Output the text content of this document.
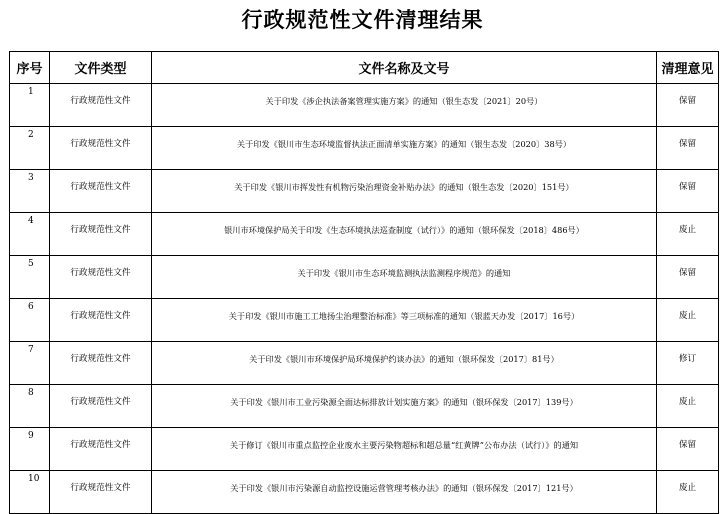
行政规范性文件清理结果
序号	文件类型	文件名称及文号	清理意见
1	行政规范性文件	关于印发《涉企执法备案管理实施方案》的通知（银生态发〔2021〕20号）	保留
2	行政规范性文件	关于印发《银川市生态环境监督执法正面清单实施方案》的通知（银生态发〔2020〕38号）	保留
3	行政规范性文件	关于印发《银川市挥发性有机物污染治理资金补贴办法》的通知（银生态发〔2020〕151号）	保留
4	行政规范性文件	银川市环境保护局关于印发《生态环境执法巡查制度（试行）》的通知（银环保发〔2018〕486号）	废止
5	行政规范性文件	关于印发《银川市生态环境监测执法监测程序规范》的通知	保留
6	行政规范性文件	关于印发《银川市施工工地扬尘治理整治标准》等三项标准的通知（银蓝天办发〔2017〕16号）	废止
7	行政规范性文件	关于印发《银川市环境保护局环境保护约谈办法》的通知（银环保发〔2017〕81号）	修订
8	行政规范性文件	关于印发《银川市工业污染源全面达标排放计划实施方案》的通知（银环保发〔2017〕139号）	废止
9	行政规范性文件	关于修订《银川市重点监控企业废水主要污染物超标和超总量“红黄牌”公布办法（试行）》的通知	保留
10	行政规范性文件	关于印发《银川市污染源自动监控设施运营管理考核办法》的通知（银环保发〔2017〕121号）	废止
